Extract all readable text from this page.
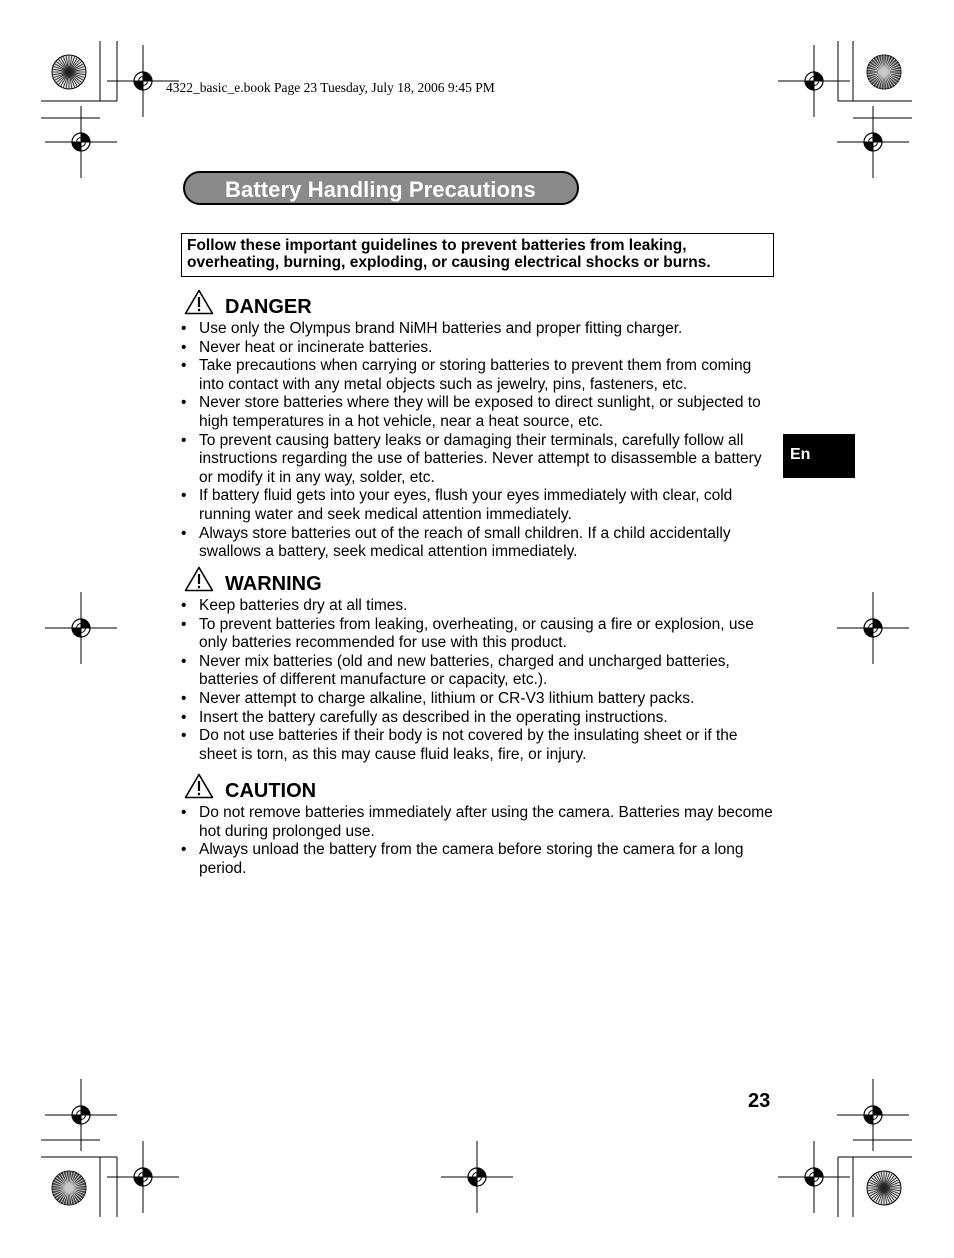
4322_basic_e.book Page 23 Tuesday, July 18, 2006 9:45 PM
Battery Handling Precautions
Follow these important guidelines to prevent batteries from leaking, overheating, burning, exploding, or causing electrical shocks or burns.
DANGER
• Use only the Olympus brand NiMH batteries and proper fitting charger.
• Never heat or incinerate batteries.
• Take precautions when carrying or storing batteries to prevent them from coming into contact with any metal objects such as jewelry, pins, fasteners, etc.
• Never store batteries where they will be exposed to direct sunlight, or subjected to high temperatures in a hot vehicle, near a heat source, etc.
• To prevent causing battery leaks or damaging their terminals, carefully follow all instructions regarding the use of batteries. Never attempt to disassemble a battery or modify it in any way, solder, etc.
• If battery fluid gets into your eyes, flush your eyes immediately with clear, cold running water and seek medical attention immediately.
• Always store batteries out of the reach of small children. If a child accidentally swallows a battery, seek medical attention immediately.
WARNING
• Keep batteries dry at all times.
• To prevent batteries from leaking, overheating, or causing a fire or explosion, use only batteries recommended for use with this product.
• Never mix batteries (old and new batteries, charged and uncharged batteries, batteries of different manufacture or capacity, etc.).
• Never attempt to charge alkaline, lithium or CR-V3 lithium battery packs.
• Insert the battery carefully as described in the operating instructions.
• Do not use batteries if their body is not covered by the insulating sheet or if the sheet is torn, as this may cause fluid leaks, fire, or injury.
CAUTION
• Do not remove batteries immediately after using the camera. Batteries may become hot during prolonged use.
• Always unload the battery from the camera before storing the camera for a long period.
En
23
